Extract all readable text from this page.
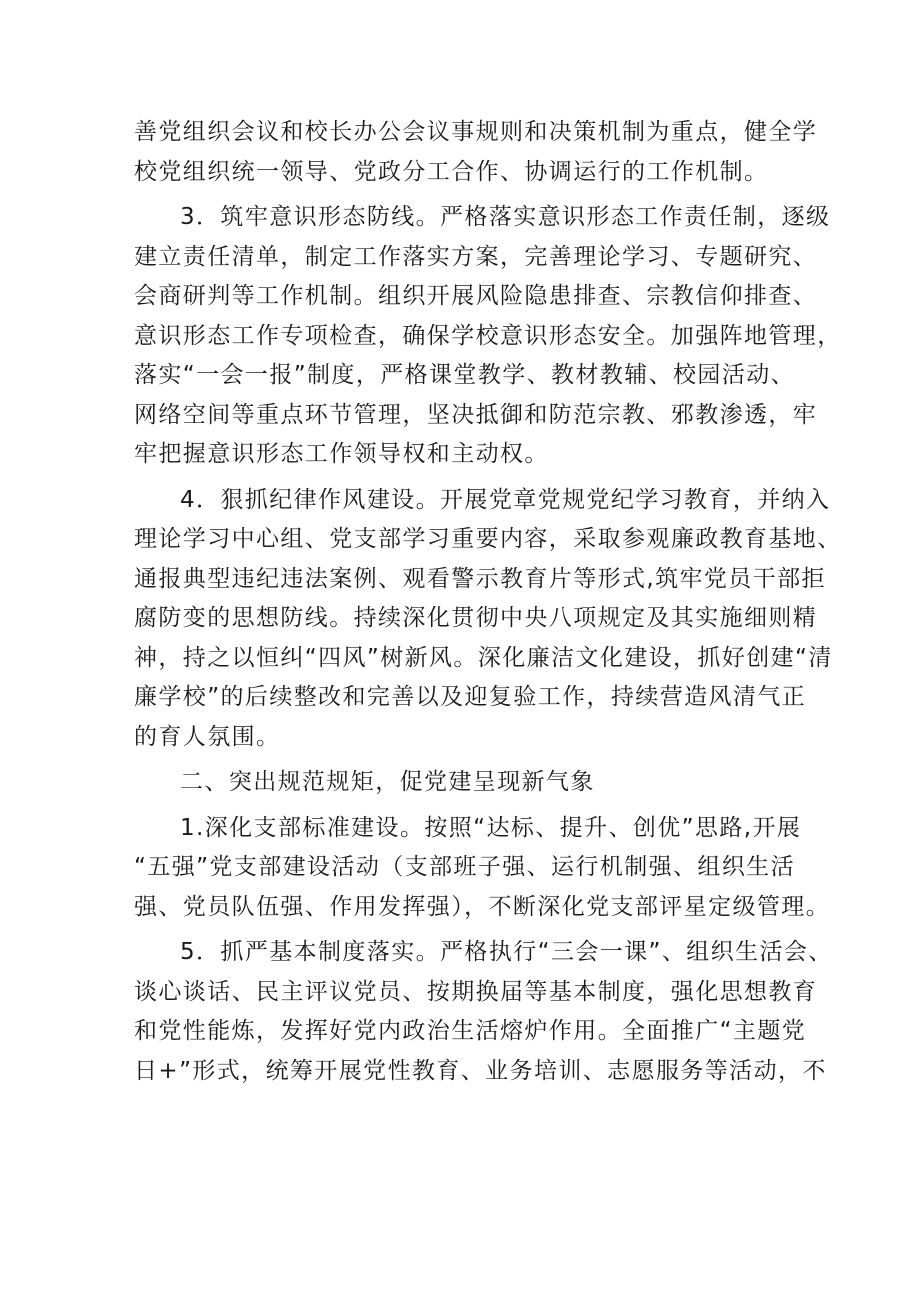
善党组织会议和校长办公会议事规则和决策机制为重点，健全学
校党组织统一领导、党政分工合作、协调运行的工作机制。

3．筑牢意识形态防线。严格落实意识形态工作责任制，逐级
建立责任清单，制定工作落实方案，完善理论学习、专题研究、
会商研判等工作机制。组织开展风险隐患排查、宗教信仰排查、
意识形态工作专项检查，确保学校意识形态安全。加强阵地管理，
落实“一会一报”制度，严格课堂教学、教材教辅、校园活动、
网络空间等重点环节管理，坚决抵御和防范宗教、邪教渗透，牢
牢把握意识形态工作领导权和主动权。

4．狠抓纪律作风建设。开展党章党规党纪学习教育，并纳入
理论学习中心组、党支部学习重要内容，采取参观廉政教育基地、
通报典型违纪违法案例、观看警示教育片等形式,筑牢党员干部拒
腐防变的思想防线。持续深化贯彻中央八项规定及其实施细则精
神，持之以恒纠“四风”树新风。深化廉洁文化建设，抓好创建“清
廉学校”的后续整改和完善以及迎复验工作，持续营造风清气正
的育人氛围。

二、突出规范规矩，促党建呈现新气象

1.深化支部标准建设。按照“达标、提升、创优”思路,开展
“五强”党支部建设活动（支部班子强、运行机制强、组织生活
强、党员队伍强、作用发挥强），不断深化党支部评星定级管理。

5．抓严基本制度落实。严格执行“三会一课”、组织生活会、
谈心谈话、民主评议党员、按期换届等基本制度，强化思想教育
和党性能炼，发挥好党内政治生活熔炉作用。全面推广“主题党
日+”形式，统筹开展党性教育、业务培训、志愿服务等活动，不
